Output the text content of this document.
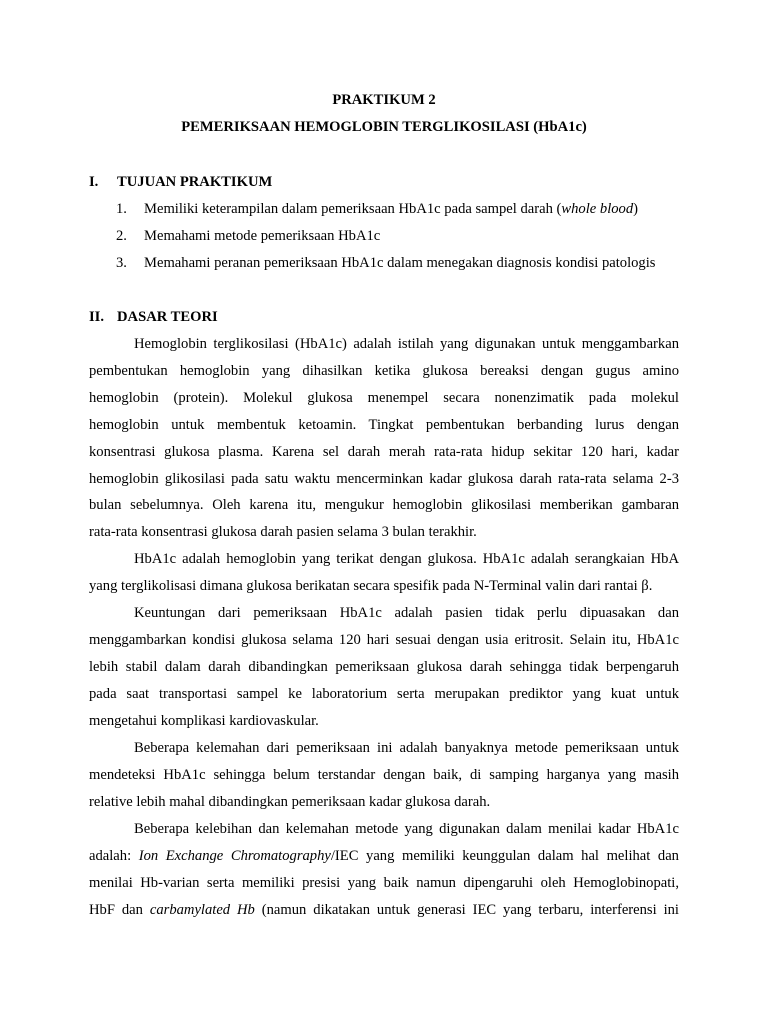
PRAKTIKUM 2
PEMERIKSAAN HEMOGLOBIN TERGLIKOSILASI (HbA1c)
I. TUJUAN PRAKTIKUM
1. Memiliki keterampilan dalam pemeriksaan HbA1c pada sampel darah (whole blood)
2. Memahami metode pemeriksaan HbA1c
3. Memahami peranan pemeriksaan HbA1c dalam menegakan diagnosis kondisi patologis
II. DASAR TEORI
Hemoglobin terglikosilasi (HbA1c) adalah istilah yang digunakan untuk menggambarkan
pembentukan hemoglobin yang dihasilkan ketika glukosa bereaksi dengan gugus amino
hemoglobin (protein). Molekul glukosa menempel secara nonenzimatik pada molekul
hemoglobin untuk membentuk ketoamin. Tingkat pembentukan berbanding lurus dengan
konsentrasi glukosa plasma. Karena sel darah merah rata-rata hidup sekitar 120 hari, kadar
hemoglobin glikosilasi pada satu waktu mencerminkan kadar glukosa darah rata-rata selama 2-3
bulan sebelumnya. Oleh karena itu, mengukur hemoglobin glikosilasi memberikan gambaran
rata-rata konsentrasi glukosa darah pasien selama 3 bulan terakhir.
HbA1c adalah hemoglobin yang terikat dengan glukosa. HbA1c adalah serangkaian HbA
yang terglikolisasi dimana glukosa berikatan secara spesifik pada N-Terminal valin dari rantai β.
Keuntungan dari pemeriksaan HbA1c adalah pasien tidak perlu dipuasakan dan
menggambarkan kondisi glukosa selama 120 hari sesuai dengan usia eritrosit. Selain itu, HbA1c
lebih stabil dalam darah dibandingkan pemeriksaan glukosa darah sehingga tidak berpengaruh
pada saat transportasi sampel ke laboratorium serta merupakan prediktor yang kuat untuk
mengetahui komplikasi kardiovaskular.
Beberapa kelemahan dari pemeriksaan ini adalah banyaknya metode pemeriksaan untuk
mendeteksi HbA1c sehingga belum terstandar dengan baik, di samping harganya yang masih
relative lebih mahal dibandingkan pemeriksaan kadar glukosa darah.
Beberapa kelebihan dan kelemahan metode yang digunakan dalam menilai kadar HbA1c
adalah: Ion Exchange Chromatography/IEC yang memiliki keunggulan dalam hal melihat dan
menilai Hb-varian serta memiliki presisi yang baik namun dipengaruhi oleh Hemoglobinopati,
HbF dan carbamylated Hb (namun dikatakan untuk generasi IEC yang terbaru, interferensi ini
